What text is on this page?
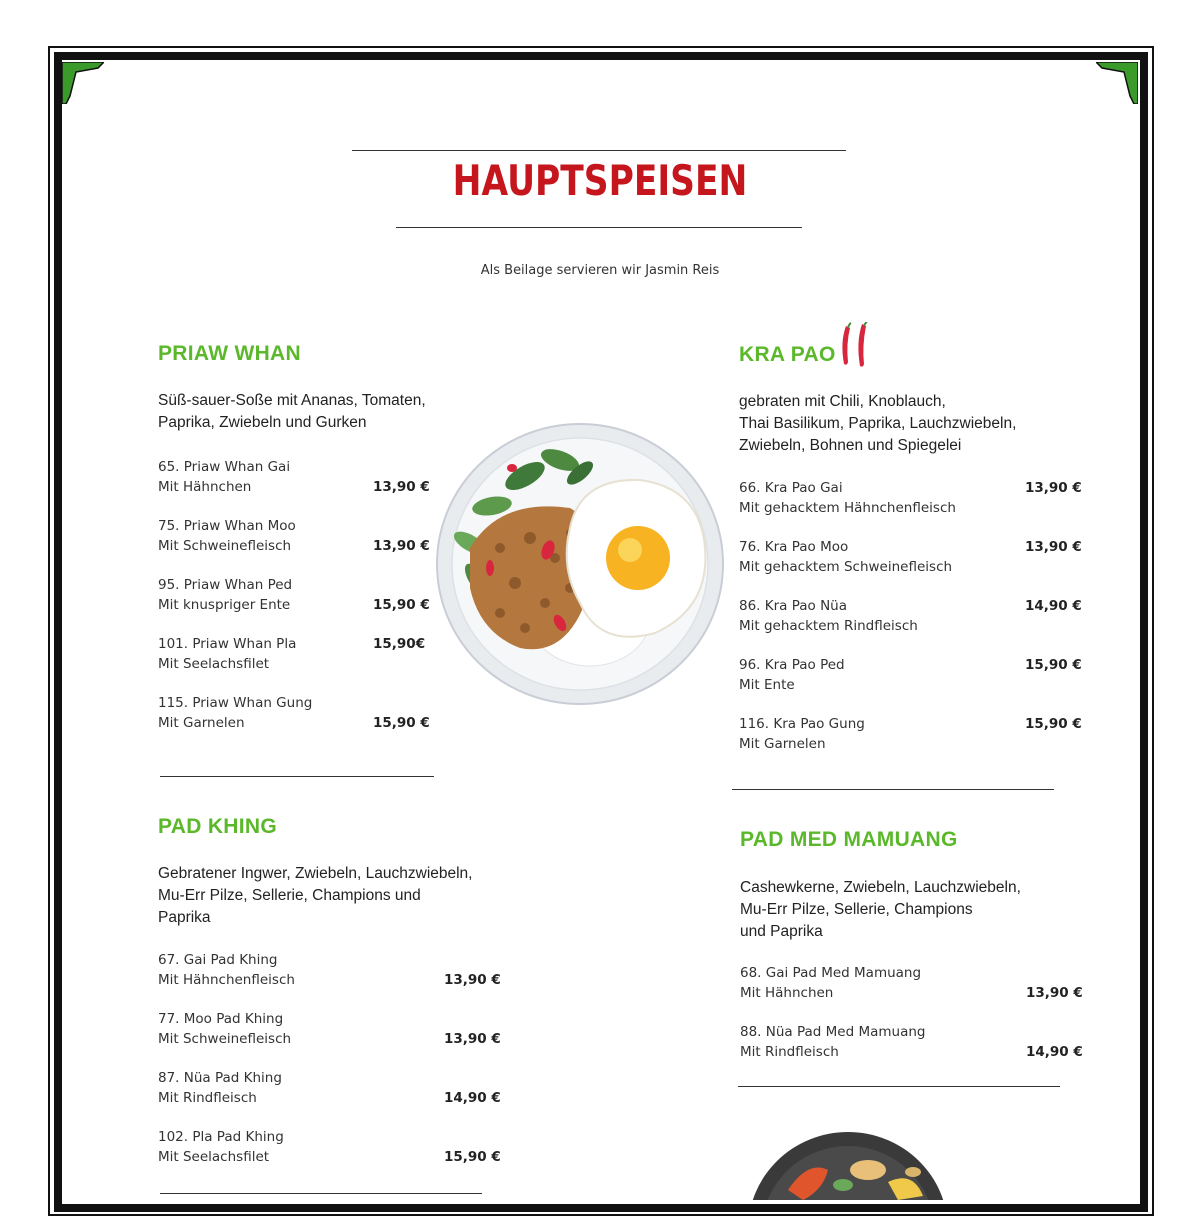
HAUPTSPEISEN
Als Beilage servieren wir Jasmin Reis
PRIAW WHAN
Süß-sauer-Soße mit Ananas, Tomaten,
Paprika, Zwiebeln und Gurken
65. Priaw Whan Gai
Mit Hähnchen	13,90 €
75. Priaw Whan Moo
Mit Schweinefleisch	13,90 €
95. Priaw Whan Ped
Mit knuspriger Ente	15,90 €
101. Priaw Whan Pla
Mit Seelachsfilet
15,90€
115. Priaw Whan Gung
Mit Garnelen	15,90 €
KRA PAO
gebraten mit Chili, Knoblauch,
Thai Basilikum, Paprika, Lauchzwiebeln,
Zwiebeln, Bohnen und Spiegelei
66. Kra Pao Gai
Mit gehacktem Hähnchenfleisch
13,90 €
76. Kra Pao Moo
Mit gehacktem Schweinefleisch
13,90 €
86. Kra Pao Nüa
Mit gehacktem Rindfleisch
14,90 €
96. Kra Pao Ped
Mit Ente
15,90 €
116. Kra Pao Gung
Mit Garnelen
15,90 €
PAD KHING
Gebratener Ingwer, Zwiebeln, Lauchzwiebeln,
Mu-Err Pilze, Sellerie, Champions und
Paprika
67. Gai Pad Khing
Mit Hähnchenfleisch	13,90 €
77. Moo Pad Khing
Mit Schweinefleisch	13,90 €
87. Nüa Pad Khing
Mit Rindfleisch	14,90 €
102. Pla Pad Khing
Mit Seelachsfilet	15,90 €
PAD MED MAMUANG
Cashewkerne, Zwiebeln, Lauchzwiebeln,
Mu-Err Pilze, Sellerie, Champions
und Paprika
68. Gai Pad Med Mamuang
Mit Hähnchen	13,90 €
88. Nüa Pad Med Mamuang
Mit Rindfleisch	14,90 €
